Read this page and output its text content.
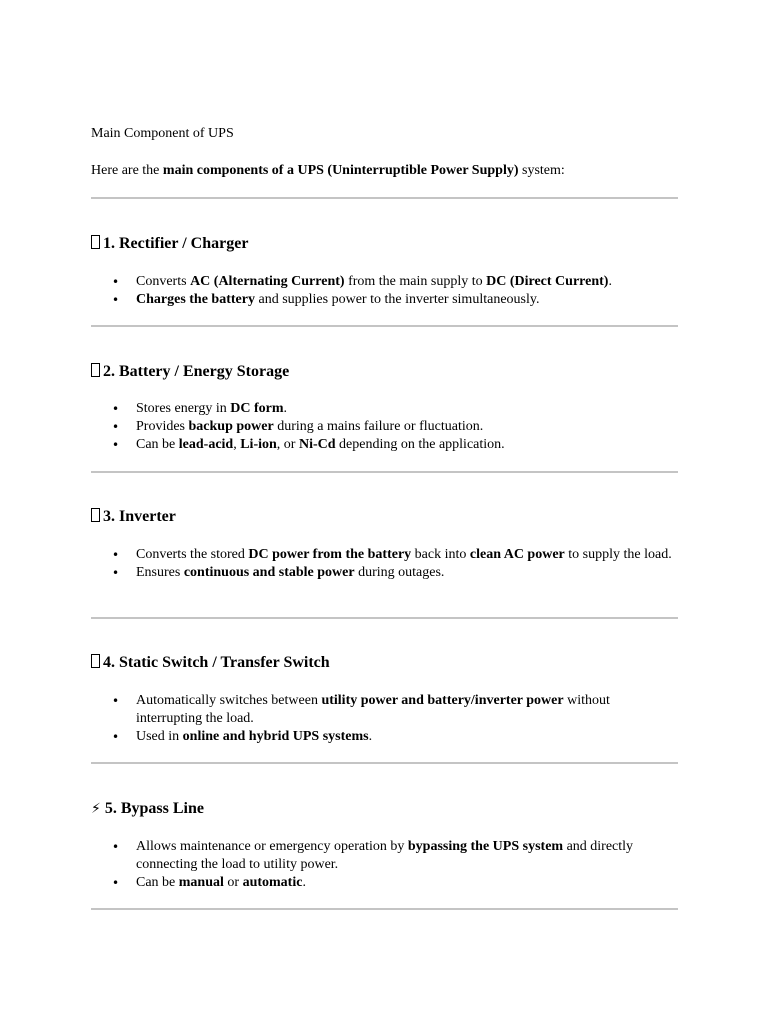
Main Component of UPS

Here are the main components of a UPS (Uninterruptible Power Supply) system:

1. Rectifier / Charger
• Converts AC (Alternating Current) from the main supply to DC (Direct Current).
• Charges the battery and supplies power to the inverter simultaneously.
2. Battery / Energy Storage
• Stores energy in DC form.
• Provides backup power during a mains failure or fluctuation.
• Can be lead-acid, Li-ion, or Ni-Cd depending on the application.
3. Inverter
• Converts the stored DC power from the battery back into clean AC power to supply the load.
• Ensures continuous and stable power during outages.
4. Static Switch / Transfer Switch
• Automatically switches between utility power and battery/inverter power without interrupting the load.
• Used in online and hybrid UPS systems.
⚡ 5. Bypass Line
• Allows maintenance or emergency operation by bypassing the UPS system and directly connecting the load to utility power.
• Can be manual or automatic.
